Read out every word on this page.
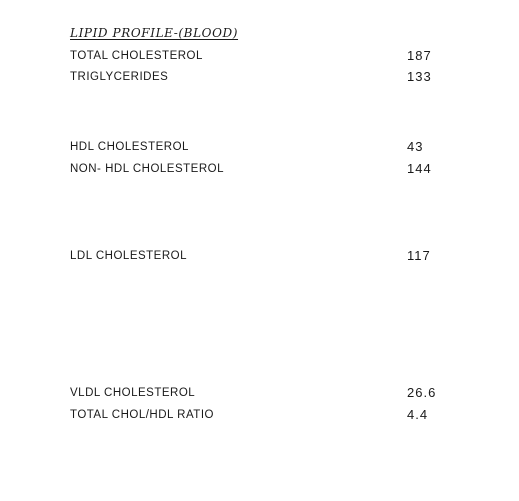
LIPID PROFILE-(BLOOD)
TOTAL CHOLESTEROL	187
TRIGLYCERIDES	133
HDL CHOLESTEROL	43
NON- HDL CHOLESTEROL	144
LDL CHOLESTEROL	117
VLDL CHOLESTEROL	26.6
TOTAL CHOL/HDL RATIO	4.4
